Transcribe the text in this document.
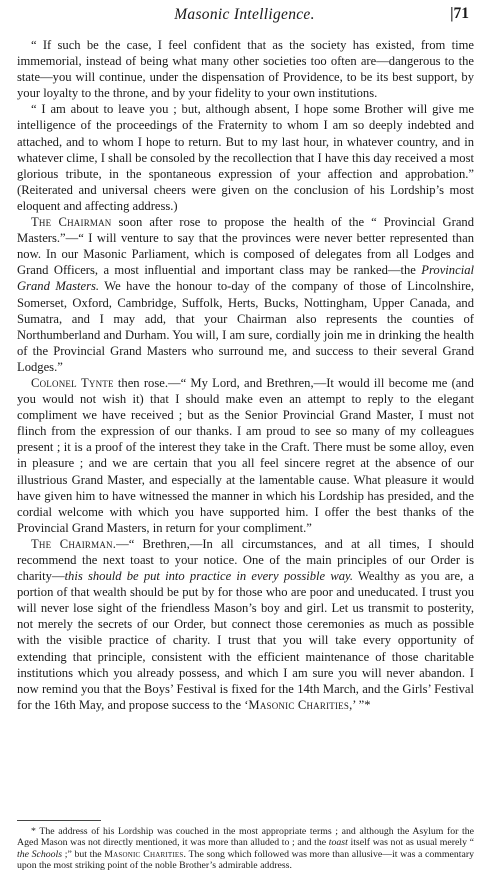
Masonic Intelligence.	|71

“ If such be the case, I feel confident that as the society has existed, from time immemorial, instead of being what many other societies too often are—dangerous to the state—you will continue, under the dispensation of Providence, to be its best support, by your loyalty to the throne, and by your fidelity to your own institutions.

“ I am about to leave you ; but, although absent, I hope some Brother will give me intelligence of the proceedings of the Fraternity to whom I am so deeply indebted and attached, and to whom I hope to return. But to my last hour, in whatever country, and in whatever clime, I shall be consoled by the recollection that I have this day received a most glorious tribute, in the spontaneous expression of your affection and approbation.” (Reiterated and universal cheers were given on the conclusion of his Lordship’s most eloquent and affecting address.)

The Chairman soon after rose to propose the health of the “ Provincial Grand Masters.”—“ I will venture to say that the provinces were never better represented than now. In our Masonic Parliament, which is composed of delegates from all Lodges and Grand Officers, a most influential and important class may be ranked—the Provincial Grand Masters. We have the honour to-day of the company of those of Lincolnshire, Somerset, Oxford, Cambridge, Suffolk, Herts, Bucks, Nottingham, Upper Canada, and Sumatra, and I may add, that your Chairman also represents the counties of Northumberland and Durham. You will, I am sure, cordially join me in drinking the health of the Provincial Grand Masters who surround me, and success to their several Grand Lodges.”

Colonel Tynte then rose.—“ My Lord, and Brethren,—It would ill become me (and you would not wish it) that I should make even an attempt to reply to the elegant compliment we have received ; but as the Senior Provincial Grand Master, I must not flinch from the expression of our thanks. I am proud to see so many of my colleagues present ; it is a proof of the interest they take in the Craft. There must be some alloy, even in pleasure ; and we are certain that you all feel sincere regret at the absence of our illustrious Grand Master, and especially at the lamentable cause. What pleasure it would have given him to have witnessed the manner in which his Lordship has presided, and the cordial welcome with which you have supported him. I offer the best thanks of the Provincial Grand Masters, in return for your compliment.”

The Chairman.—“ Brethren,—In all circumstances, and at all times, I should recommend the next toast to your notice. One of the main principles of our Order is charity—this should be put into practice in every possible way. Wealthy as you are, a portion of that wealth should be put by for those who are poor and uneducated. I trust you will never lose sight of the friendless Mason’s boy and girl. Let us transmit to posterity, not merely the secrets of our Order, but connect those ceremonies as much as possible with the visible practice of charity. I trust that you will take every opportunity of extending that principle, consistent with the efficient maintenance of those charitable institutions which you already possess, and which I am sure you will never abandon. I now remind you that the Boys’ Festival is fixed for the 14th March, and the Girls’ Festival for the 16th May, and propose success to the ‘Masonic Charities,’ ”*

* The address of his Lordship was couched in the most appropriate terms ; and although the Asylum for the Aged Mason was not directly mentioned, it was more than alluded to ; and the toast itself was not as usual merely “ the Schools ;” but the Masonic Charities. The song which followed was more than allusive—it was a commentary upon the most striking point of the noble Brother’s admirable address.
